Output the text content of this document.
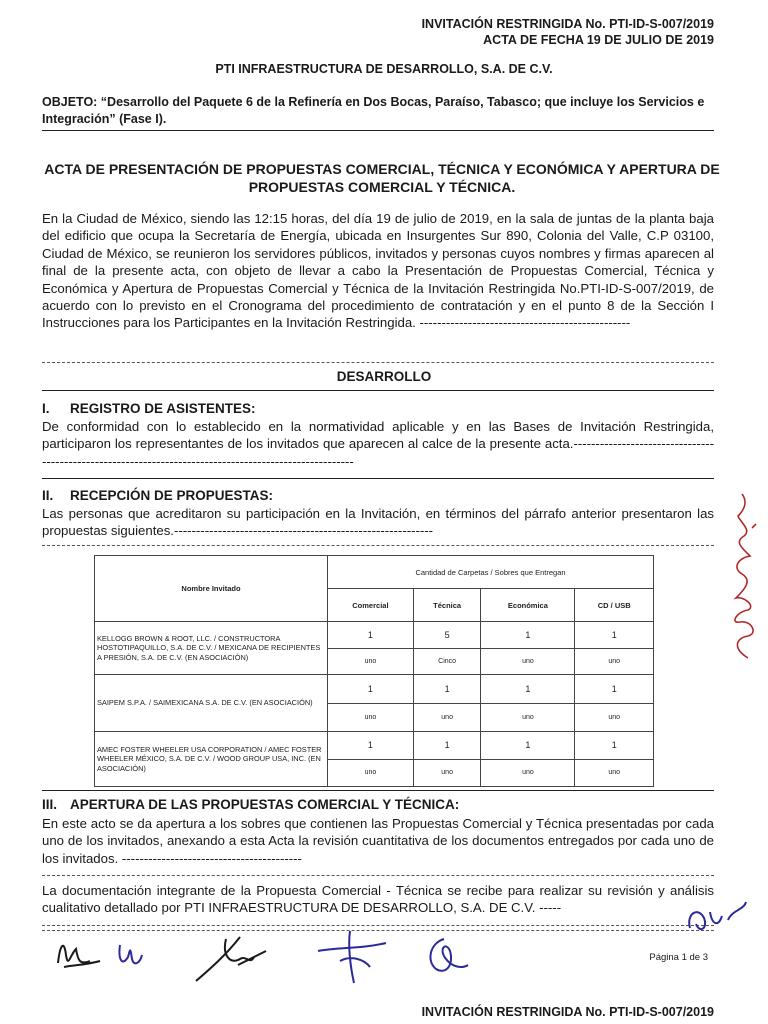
INVITACIÓN RESTRINGIDA No. PTI-ID-S-007/2019
ACTA DE FECHA 19 DE JULIO DE 2019
PTI INFRAESTRUCTURA DE DESARROLLO, S.A. DE C.V.
OBJETO: “Desarrollo del Paquete 6 de la Refinería en Dos Bocas, Paraíso, Tabasco; que incluye los Servicios e Integración” (Fase I).
ACTA DE PRESENTACIÓN DE PROPUESTAS COMERCIAL, TÉCNICA Y ECONÓMICA Y APERTURA DE PROPUESTAS COMERCIAL Y TÉCNICA.
En la Ciudad de México, siendo las 12:15 horas, del día 19 de julio de 2019, en la sala de juntas de la planta baja del edificio que ocupa la Secretaría de Energía, ubicada en Insurgentes Sur 890, Colonia del Valle, C.P 03100, Ciudad de México, se reunieron los servidores públicos, invitados y personas cuyos nombres y firmas aparecen al final de la presente acta, con objeto de llevar a cabo la Presentación de Propuestas Comercial, Técnica y Económica y Apertura de Propuestas Comercial y Técnica de la Invitación Restringida No.PTI-ID-S-007/2019, de acuerdo con lo previsto en el Cronograma del procedimiento de contratación y en el punto 8 de la Sección I Instrucciones para los Participantes en la Invitación Restringida. ------------------------------------------------
DESARROLLO
I. REGISTRO DE ASISTENTES:
De conformidad con lo establecido en la normatividad aplicable y en las Bases de Invitación Restringida, participaron los representantes de los invitados que aparecen al calce de la presente acta.-------------------------------------------------------------------------------------------------------
II. RECEPCIÓN DE PROPUESTAS:
Las personas que acreditaron su participación en la Invitación, en términos del párrafo anterior presentaron las propuestas siguientes.-----------------------------------------------------------
Nombre Invitado	Cantidad de Carpetas / Sobres que Entregan			
	Comercial	Técnica	Económica	CD / USB
KELLOGG BROWN & ROOT, LLC. / CONSTRUCTORA HOSTOTIPAQUILLO, S.A. DE C.V. / MEXICANA DE RECIPIENTES A PRESIÓN, S.A. DE C.V. (EN ASOCIACIÓN)	1	5	1	1
	uno	Cinco	uno	uno
SAIPEM S.P.A. / SAIMEXICANA S.A. DE C.V. (EN ASOCIACIÓN)	1	1	1	1
	uno	uno	uno	uno
AMEC FOSTER WHEELER USA CORPORATION / AMEC FOSTER WHEELER MÉXICO, S.A. DE C.V. / WOOD GROUP USA, INC. (EN ASOCIACIÓN)	1	1	1	1
	uno	uno	uno	uno
III. APERTURA DE LAS PROPUESTAS COMERCIAL Y TÉCNICA:
En este acto se da apertura a los sobres que contienen las Propuestas Comercial y Técnica presentadas por cada uno de los invitados, anexando a esta Acta la revisión cuantitativa de los documentos entregados por cada uno de los invitados. -----------------------------------------
La documentación integrante de la Propuesta Comercial - Técnica se recibe para realizar su revisión y análisis cualitativo detallado por PTI INFRAESTRUCTURA DE DESARROLLO, S.A. DE C.V. -----
Página 1 de 3
INVITACIÓN RESTRINGIDA No. PTI-ID-S-007/2019
